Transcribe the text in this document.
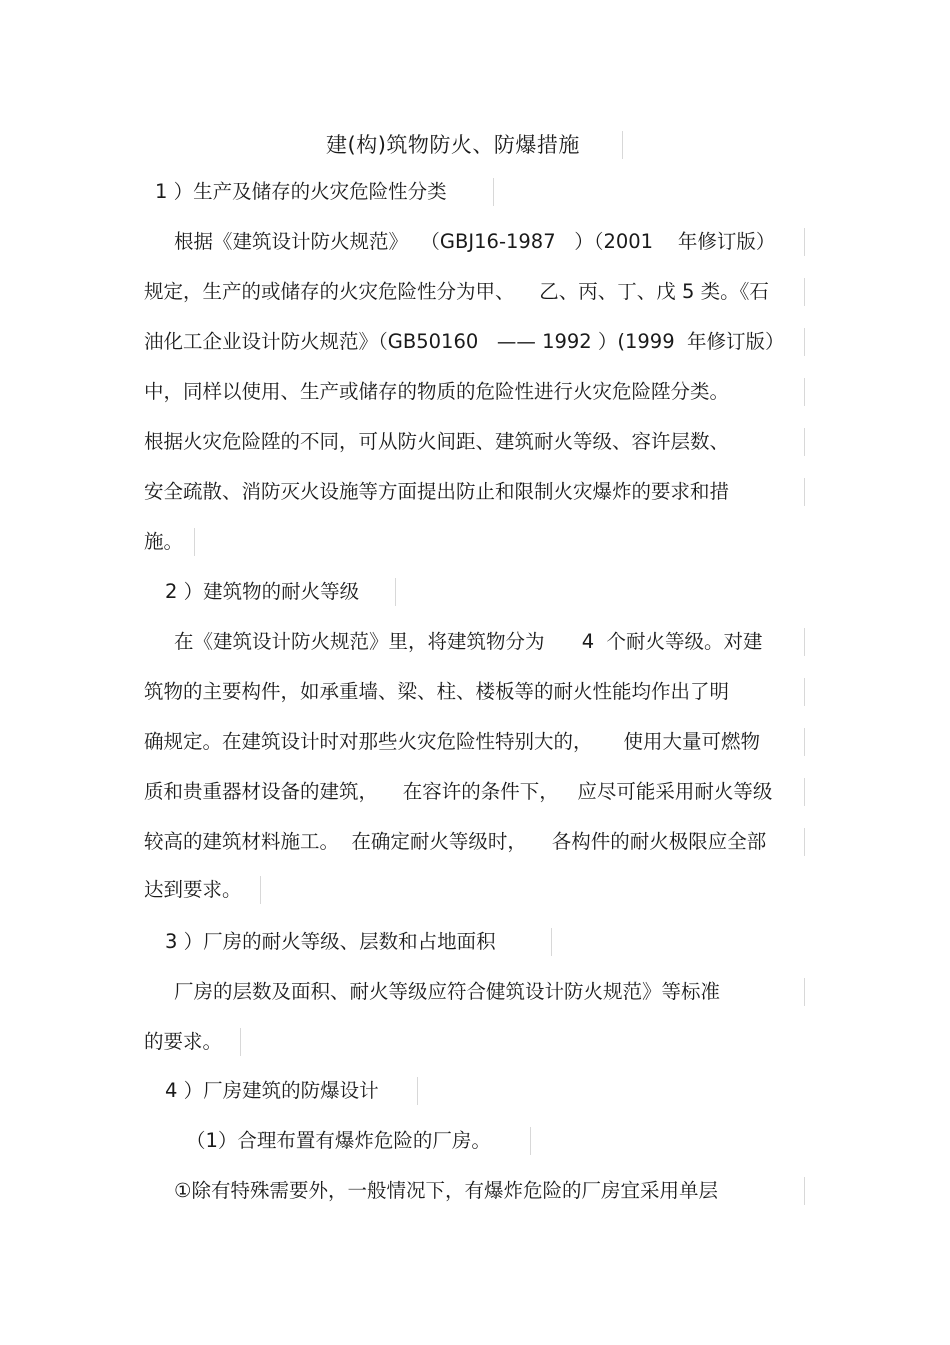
建(构)筑物防火、防爆措施
1 ）生产及储存的火灾危险性分类
根据《建筑设计防火规范》  （GBJ16-1987   ）（2001    年修订版）
规定，生产的或储存的火灾危险性分为甲、    乙、丙、丁、戊 5 类。《石
油化工企业设计防火规范》（GB50160   —— 1992 ）(1999  年修订版）
中，同样以使用、生产或储存的物质的危险性进行火灾危险陞分类。
根据火灾危险陞的不同，可从防火间距、建筑耐火等级、容许层数、
安全疏散、消防灭火设施等方面提出防止和限制火灾爆炸的要求和措
施。
2 ）建筑物的耐火等级
在《建筑设计防火规范》里，将建筑物分为      4  个耐火等级。对建
筑物的主要构件，如承重墙、梁、柱、楼板等的耐火性能均作出了明
确规定。在建筑设计时对那些火灾危险性特别大的，     使用大量可燃物
质和贵重器材设备的建筑，    在容许的条件下，   应尽可能采用耐火等级
较高的建筑材料施工。  在确定耐火等级时，    各构件的耐火极限应全部
达到要求。
3 ）厂房的耐火等级、层数和占地面积
厂房的层数及面积、耐火等级应符合健筑设计防火规范》等标准
的要求。
4 ）厂房建筑的防爆设计
（1）合理布置有爆炸危险的厂房。
①除有特殊需要外，一般情况下，有爆炸危险的厂房宜采用单层
